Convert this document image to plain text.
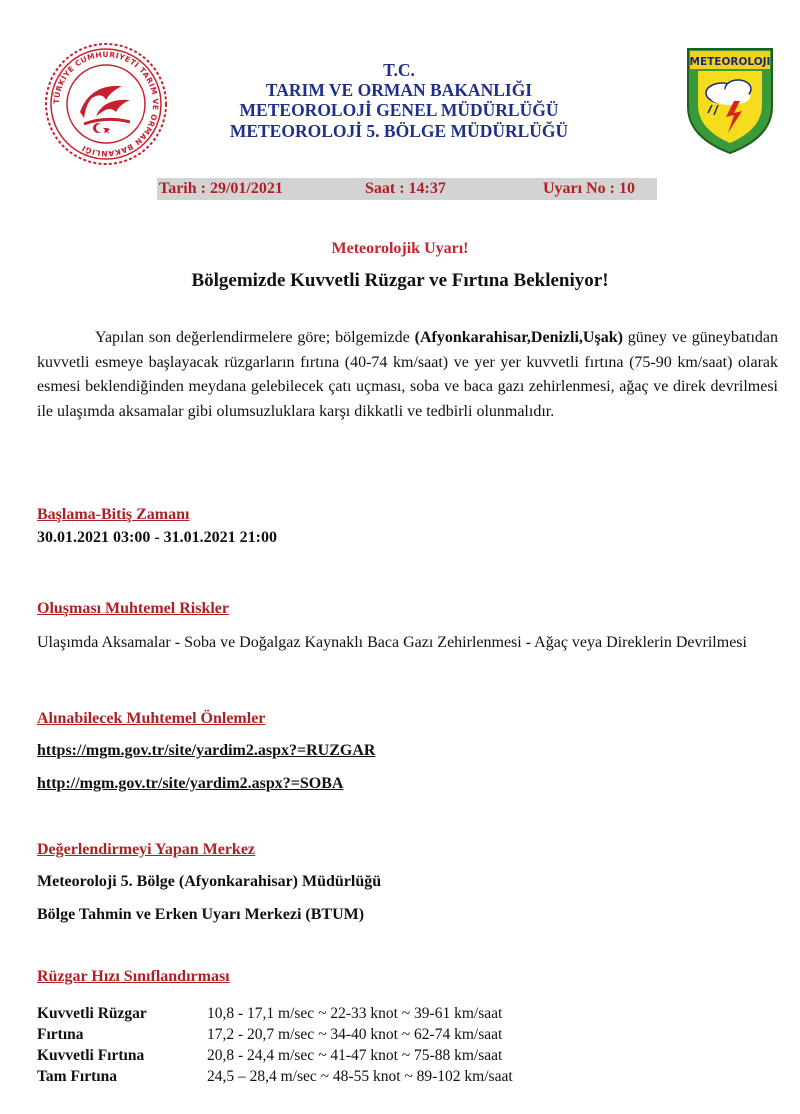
TÜRKİYE CUMHURİYETİ TARIM VE ORMAN BAKANLIĞI
METEOROLOJI
T.C.
TARIM VE ORMAN BAKANLIĞI
METEOROLOJİ GENEL MÜDÜRLÜĞÜ
METEOROLOJİ 5. BÖLGE MÜDÜRLÜĞÜ
Tarih : 29/01/2021	Saat : 14:37	Uyarı No : 10
Meteorolojik Uyarı!
Bölgemizde Kuvvetli Rüzgar ve Fırtına Bekleniyor!
Yapılan son değerlendirmelere göre; bölgemizde (Afyonkarahisar,Denizli,Uşak) güney ve güneybatıdan kuvvetli esmeye başlayacak rüzgarların fırtına (40-74 km/saat) ve yer yer kuvvetli fırtına (75-90 km/saat) olarak esmesi beklendiğinden meydana gelebilecek çatı uçması, soba ve baca gazı zehirlenmesi, ağaç ve direk devrilmesi ile ulaşımda aksamalar gibi olumsuzluklara karşı dikkatli ve tedbirli olunmalıdır.
Başlama-Bitiş Zamanı
30.01.2021 03:00 - 31.01.2021 21:00
Oluşması Muhtemel Riskler
Ulaşımda Aksamalar - Soba ve Doğalgaz Kaynaklı Baca Gazı Zehirlenmesi - Ağaç veya Direklerin Devrilmesi
Alınabilecek Muhtemel Önlemler
https://mgm.gov.tr/site/yardim2.aspx?=RUZGAR
http://mgm.gov.tr/site/yardim2.aspx?=SOBA
Değerlendirmeyi Yapan Merkez
Meteoroloji 5. Bölge (Afyonkarahisar) Müdürlüğü
Bölge Tahmin ve Erken Uyarı Merkezi (BTUM)
Rüzgar Hızı Sınıflandırması
Kuvvetli Rüzgar	10,8 - 17,1 m/sec ~ 22-33 knot ~ 39-61 km/saat
Fırtına	17,2 - 20,7 m/sec ~ 34-40 knot ~ 62-74 km/saat
Kuvvetli Fırtına	20,8 - 24,4 m/sec ~ 41-47 knot ~ 75-88 km/saat
Tam Fırtına	24,5 – 28,4 m/sec ~ 48-55 knot ~ 89-102 km/saat
